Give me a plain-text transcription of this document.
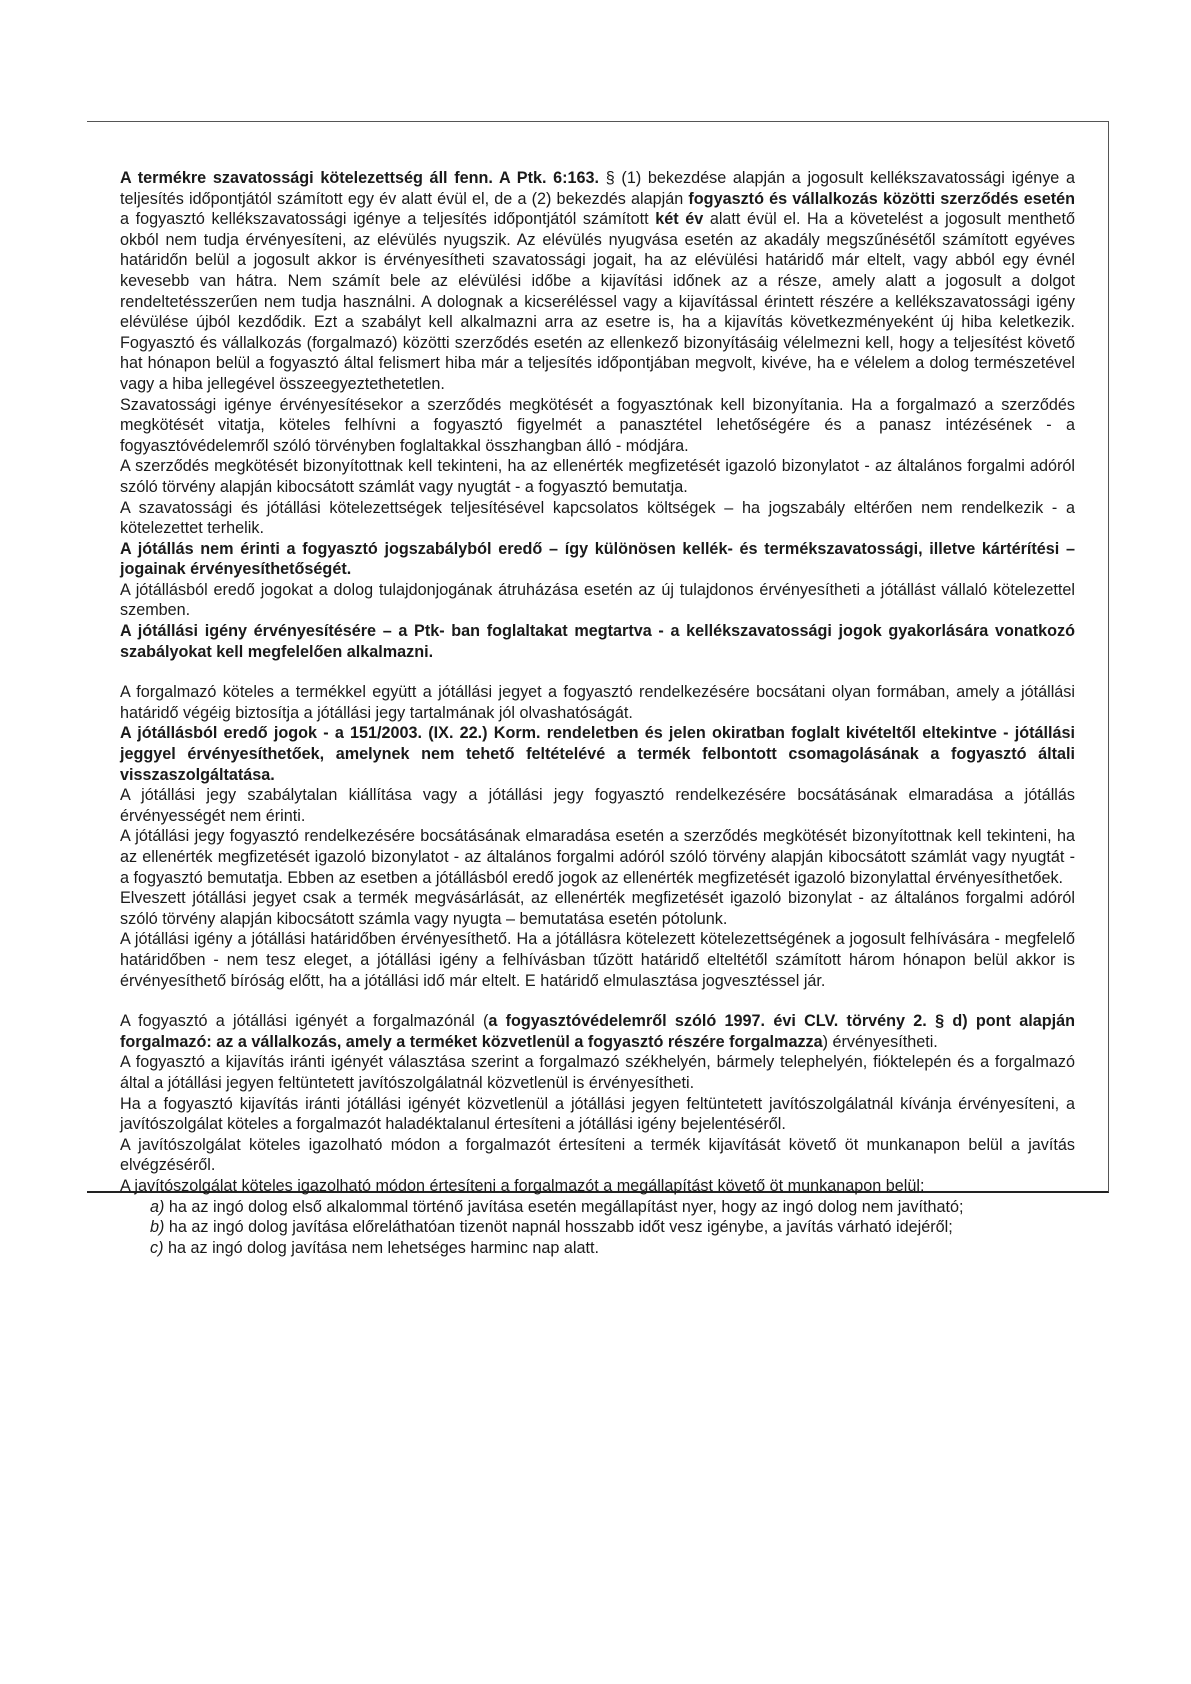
A termékre szavatossági kötelezettség áll fenn. A Ptk. 6:163. § (1) bekezdése alapján a jogosult kellékszavatossági igénye a teljesítés időpontjától számított egy év alatt évül el, de a (2) bekezdés alapján fogyasztó és vállalkozás közötti szerződés esetén a fogyasztó kellékszavatossági igénye a teljesítés időpontjától számított két év alatt évül el. Ha a követelést a jogosult menthető okból nem tudja érvényesíteni, az elévülés nyugszik. Az elévülés nyugvása esetén az akadály megszűnésétől számított egyéves határidőn belül a jogosult akkor is érvényesítheti szavatossági jogait, ha az elévülési határidő már eltelt, vagy abból egy évnél kevesebb van hátra. Nem számít bele az elévülési időbe a kijavítási időnek az a része, amely alatt a jogosult a dolgot rendeltetésszerűen nem tudja használni. A dolognak a kicseréléssel vagy a kijavítással érintett részére a kellékszavatossági igény elévülése újból kezdődik. Ezt a szabályt kell alkalmazni arra az esetre is, ha a kijavítás következményeként új hiba keletkezik. Fogyasztó és vállalkozás (forgalmazó) közötti szerződés esetén az ellenkező bizonyításáig vélelmezni kell, hogy a teljesítést követő hat hónapon belül a fogyasztó által felismert hiba már a teljesítés időpontjában megvolt, kivéve, ha e vélelem a dolog természetével vagy a hiba jellegével összeegyeztethetetlen.

Szavatossági igénye érvényesítésekor a szerződés megkötését a fogyasztónak kell bizonyítania. Ha a forgalmazó a szerződés megkötését vitatja, köteles felhívni a fogyasztó figyelmét a panasztétel lehetőségére és a panasz intézésének - a fogyasztóvédelemről szóló törvényben foglaltakkal összhangban álló - módjára.

A szerződés megkötését bizonyítottnak kell tekinteni, ha az ellenérték megfizetését igazoló bizonylatot - az általános forgalmi adóról szóló törvény alapján kibocsátott számlát vagy nyugtát - a fogyasztó bemutatja.

A szavatossági és jótállási kötelezettségek teljesítésével kapcsolatos költségek – ha jogszabály eltérően nem rendelkezik - a kötelezettet terhelik.

A jótállás nem érinti a fogyasztó jogszabályból eredő – így különösen kellék- és termékszavatossági, illetve kártérítési – jogainak érvényesíthetőségét.

A jótállásból eredő jogokat a dolog tulajdonjogának átruházása esetén az új tulajdonos érvényesítheti a jótállást vállaló kötelezettel szemben.

A jótállási igény érvényesítésére – a Ptk- ban foglaltakat megtartva - a kellékszavatossági jogok gyakorlására vonatkozó szabályokat kell megfelelően alkalmazni.

A forgalmazó köteles a termékkel együtt a jótállási jegyet a fogyasztó rendelkezésére bocsátani olyan formában, amely a jótállási határidő végéig biztosítja a jótállási jegy tartalmának jól olvashatóságát.

A jótállásból eredő jogok - a 151/2003. (IX. 22.) Korm. rendeletben és jelen okiratban foglalt kivételtől eltekintve - jótállási jeggyel érvényesíthetőek, amelynek nem tehető feltételévé a termék felbontott csomagolásának a fogyasztó általi visszaszolgáltatása.

A jótállási jegy szabálytalan kiállítása vagy a jótállási jegy fogyasztó rendelkezésére bocsátásának elmaradása a jótállás érvényességét nem érinti.

A jótállási jegy fogyasztó rendelkezésére bocsátásának elmaradása esetén a szerződés megkötését bizonyítottnak kell tekinteni, ha az ellenérték megfizetését igazoló bizonylatot - az általános forgalmi adóról szóló törvény alapján kibocsátott számlát vagy nyugtát - a fogyasztó bemutatja. Ebben az esetben a jótállásból eredő jogok az ellenérték megfizetését igazoló bizonylattal érvényesíthetőek.

Elveszett jótállási jegyet csak a termék megvásárlását, az ellenérték megfizetését igazoló bizonylat - az általános forgalmi adóról szóló törvény alapján kibocsátott számla vagy nyugta – bemutatása esetén pótolunk.

A jótállási igény a jótállási határidőben érvényesíthető. Ha a jótállásra kötelezett kötelezettségének a jogosult felhívására - megfelelő határidőben - nem tesz eleget, a jótállási igény a felhívásban tűzött határidő elteltétől számított három hónapon belül akkor is érvényesíthető bíróság előtt, ha a jótállási idő már eltelt. E határidő elmulasztása jogvesztéssel jár.

A fogyasztó a jótállási igényét a forgalmazónál (a fogyasztóvédelemről szóló 1997. évi CLV. törvény 2. § d) pont alapján forgalmazó: az a vállalkozás, amely a terméket közvetlenül a fogyasztó részére forgalmazza) érvényesítheti.

A fogyasztó a kijavítás iránti igényét választása szerint a forgalmazó székhelyén, bármely telephelyén, fióktelepén és a forgalmazó által a jótállási jegyen feltüntetett javítószolgálatnál közvetlenül is érvényesítheti.

Ha a fogyasztó kijavítás iránti jótállási igényét közvetlenül a jótállási jegyen feltüntetett javítószolgálatnál kívánja érvényesíteni, a javítószolgálat köteles a forgalmazót haladéktalanul értesíteni a jótállási igény bejelentéséről.

A javítószolgálat köteles igazolható módon a forgalmazót értesíteni a termék kijavítását követő öt munkanapon belül a javítás elvégzéséről.

A javítószolgálat köteles igazolható módon értesíteni a forgalmazót a megállapítást követő öt munkanapon belül:

a) ha az ingó dolog első alkalommal történő javítása esetén megállapítást nyer, hogy az ingó dolog nem javítható;

b) ha az ingó dolog javítása előreláthatóan tizenöt napnál hosszabb időt vesz igénybe, a javítás várható idejéről;

c) ha az ingó dolog javítása nem lehetséges harminc nap alatt.
